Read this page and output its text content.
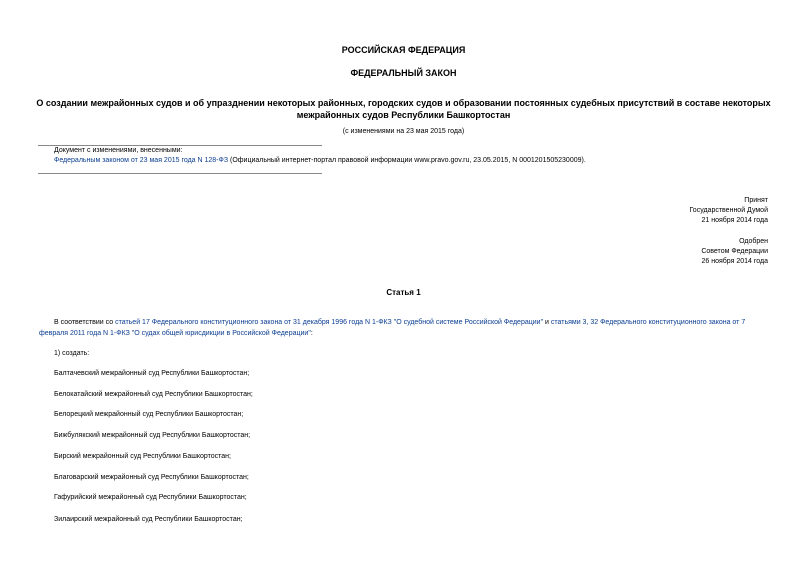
РОССИЙСКАЯ ФЕДЕРАЦИЯ
ФЕДЕРАЛЬНЫЙ ЗАКОН
О создании межрайонных судов и об упразднении некоторых районных, городских судов и образовании постоянных судебных присутствий в составе некоторых межрайонных судов Республики Башкортостан
(с изменениями на 23 мая 2015 года)
Документ с изменениями, внесенными:
Федеральным законом от 23 мая 2015 года N 128-ФЗ (Официальный интернет-портал правовой информации www.pravo.gov.ru, 23.05.2015, N 0001201505230009).
Принят
Государственной Думой
21 ноября 2014 года
Одобрен
Советом Федерации
26 ноября 2014 года
Статья 1
В соответствии со статьей 17 Федерального конституционного закона от 31 декабря 1996 года N 1-ФКЗ "О судебной системе Российской Федерации" и статьями 3, 32 Федерального конституционного закона от 7 февраля 2011 года N 1-ФКЗ "О судах общей юрисдикции в Российской Федерации":
1) создать:
Балтачевский межрайонный суд Республики Башкортостан;
Белокатайский межрайонный суд Республики Башкортостан;
Белорецкий межрайонный суд Республики Башкортостан;
Бижбулякский межрайонный суд Республики Башкортостан;
Бирский межрайонный суд Республики Башкортостан;
Благоварский межрайонный суд Республики Башкортостан;
Гафурийский межрайонный суд Республики Башкортостан;
Зилаирский межрайонный суд Республики Башкортостан;
